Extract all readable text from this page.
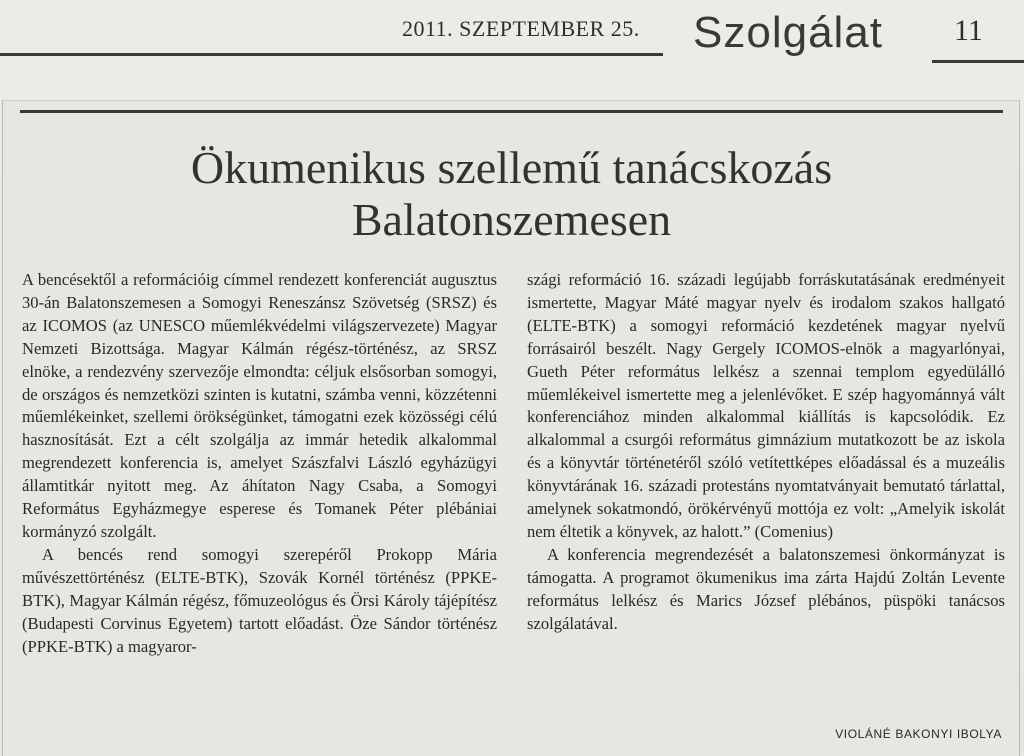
2011. SZEPTEMBER 25. Szolgálat 11
Ökumenikus szellemű tanácskozás
Balatonszemesen

A bencésektől a reformációig címmel rendezett konferenciát augusztus 30-án Balatonszemesen a Somogyi Reneszánsz Szövetség (SRSZ) és az ICOMOS (az UNESCO műemlékvédelmi világszervezete) Magyar Nemzeti Bizottsága. Magyar Kálmán régész-történész, az SRSZ elnöke, a rendezvény szervezője elmondta: céljuk elsősorban somogyi, de országos és nemzetközi szinten is kutatni, számba venni, közzétenni műemlékeinket, szellemi örökségünket, támogatni ezek közösségi célú hasznosítását. Ezt a célt szolgálja az immár hetedik alkalommal megrendezett konferencia is, amelyet Szászfalvi László egyházügyi államtitkár nyitott meg. Az áhítaton Nagy Csaba, a Somogyi Református Egyházmegye esperese és Tomanek Péter plébániai kormányzó szolgált.

A bencés rend somogyi szerepéről Prokopp Mária művészettörténész (ELTE-BTK), Szovák Kornél történész (PPKE-BTK), Magyar Kálmán régész, főmuzeológus és Örsi Károly tájépítész (Budapesti Corvinus Egyetem) tartott előadást. Öze Sándor történész (PPKE-BTK) a magyaror-

szági reformáció 16. századi legújabb forráskutatásának eredményeit ismertette, Magyar Máté magyar nyelv és irodalom szakos hallgató (ELTE-BTK) a somogyi reformáció kezdetének magyar nyelvű forrásairól beszélt. Nagy Gergely ICOMOS-elnök a magyarlónyai, Gueth Péter református lelkész a szennai templom egyedülálló műemlékeivel ismertette meg a jelenlévőket. E szép hagyománnyá vált konferenciához minden alkalommal kiállítás is kapcsolódik. Ez alkalommal a csurgói református gimnázium mutatkozott be az iskola és a könyvtár történetéről szóló vetítettképes előadással és a muzeális könyvtárának 16. századi protestáns nyomtatványait bemutató tárlattal, amelynek sokatmondó, örökérvényű mottója ez volt: „Amelyik iskolát nem éltetik a könyvek, az halott.” (Comenius)

A konferencia megrendezését a balatonszemesi önkormányzat is támogatta. A programot ökumenikus ima zárta Hajdú Zoltán Levente református lelkész és Marics József plébános, püspöki tanácsos szolgálatával.

VIOLÁNÉ BAKONYI IBOLYA
